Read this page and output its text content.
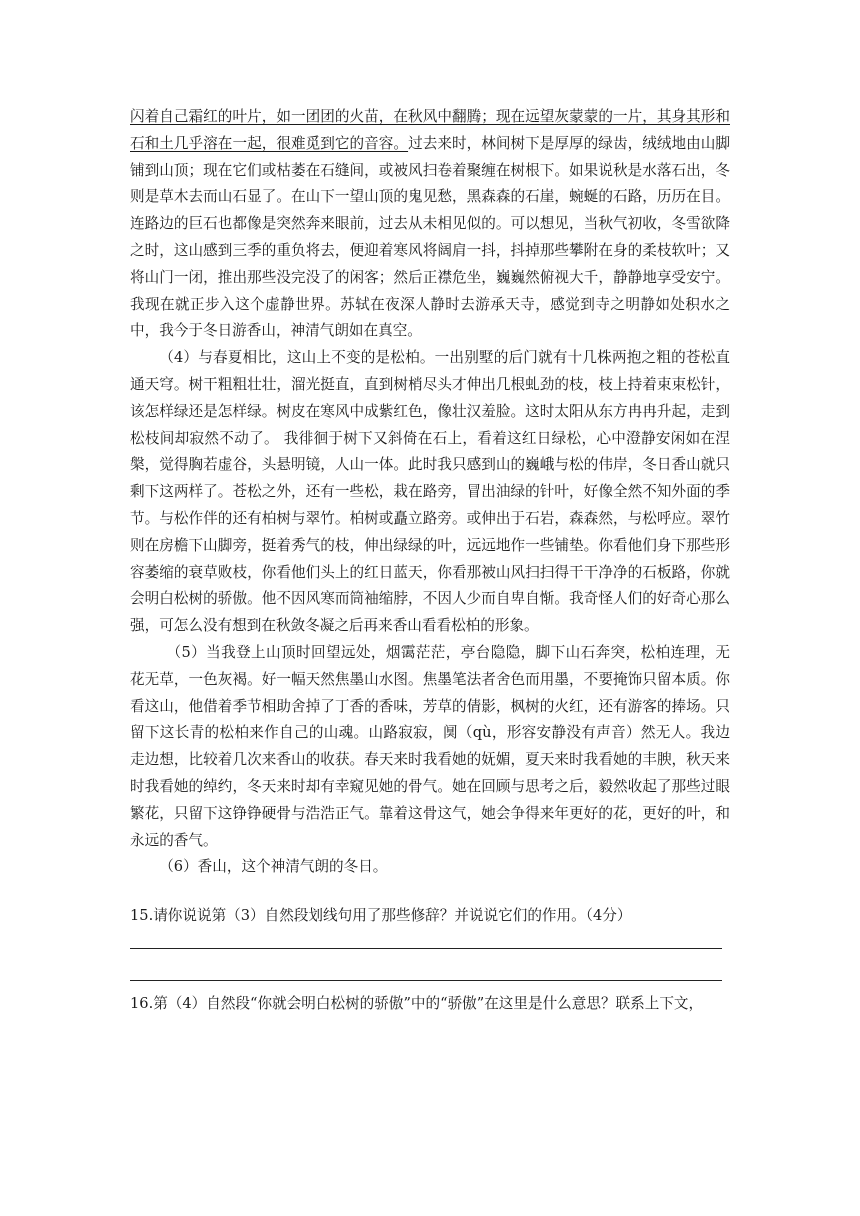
闪着自己霜红的叶片，如一团团的火苗，在秋风中翻腾；现在远望灰蒙蒙的一片，其身其形和石和土几乎溶在一起，很难觅到它的音容。过去来时，林间树下是厚厚的绿齿，绒绒地由山脚铺到山顶；现在它们或枯萎在石缝间，或被风扫卷着聚缠在树根下。如果说秋是水落石出，冬则是草木去而山石显了。在山下一望山顶的鬼见愁，黑森森的石崖，蜿蜒的石路，历历在目。连路边的巨石也都像是突然奔来眼前，过去从未相见似的。可以想见，当秋气初收，冬雪欲降之时，这山感到三季的重负将去，便迎着寒风将阔肩一抖，抖掉那些攀附在身的柔枝软叶；又将山门一闭，推出那些没完没了的闲客；然后正襟危坐，巍巍然俯视大千，静静地享受安宁。我现在就正步入这个虚静世界。苏轼在夜深人静时去游承天寺，感觉到寺之明静如处积水之中，我今于冬日游香山，神清气朗如在真空。

（4）与春夏相比，这山上不变的是松柏。一出别墅的后门就有十几株两抱之粗的苍松直通天穹。树干粗粗壮壮，溜光挺直，直到树梢尽头才伸出几根虬劲的枝，枝上持着束束松针，该怎样绿还是怎样绿。树皮在寒风中成紫红色，像壮汉羞脸。这时太阳从东方冉冉升起，走到松枝间却寂然不动了。 我徘徊于树下又斜倚在石上，看着这红日绿松，心中澄静安闲如在涅槃，觉得胸若虚谷，头悬明镜，人山一体。此时我只感到山的巍峨与松的伟岸，冬日香山就只剩下这两样了。苍松之外，还有一些松，栽在路旁，冒出油绿的针叶，好像全然不知外面的季节。与松作伴的还有柏树与翠竹。柏树或矗立路旁。或伸出于石岩，森森然，与松呼应。翠竹则在房檐下山脚旁，挺着秀气的枝，伸出绿绿的叶，远远地作一些铺垫。你看他们身下那些形容萎缩的衰草败枝，你看他们头上的红日蓝天，你看那被山风扫扫得干干净净的石板路，你就会明白松树的骄傲。他不因风寒而筒袖缩脖，不因人少而自卑自惭。我奇怪人们的好奇心那么强，可怎么没有想到在秋敛冬凝之后再来香山看看松柏的形象。

（5）当我登上山顶时回望远处，烟霭茫茫，亭台隐隐，脚下山石奔突，松柏连理，无花无草，一色灰褐。好一幅天然焦墨山水图。焦墨笔法者舍色而用墨，不要掩饰只留本质。你看这山，他借着季节相助舍掉了丁香的香味，芳草的倩影，枫树的火红，还有游客的捧场。只留下这长青的松柏来作自己的山魂。山路寂寂，阒（qù，形容安静没有声音）然无人。我边走边想，比较着几次来香山的收获。春天来时我看她的妩媚，夏天来时我看她的丰腴，秋天来时我看她的绰约，冬天来时却有幸窥见她的骨气。她在回顾与思考之后，毅然收起了那些过眼繁花，只留下这铮铮硬骨与浩浩正气。靠着这骨这气，她会争得来年更好的花，更好的叶，和永远的香气。

（6）香山，这个神清气朗的冬日。

15.请你说说第（3）自然段划线句用了那些修辞？并说说它们的作用。（4分）

16.第（4）自然段“你就会明白松树的骄傲”中的“骄傲”在这里是什么意思？联系上下文，
